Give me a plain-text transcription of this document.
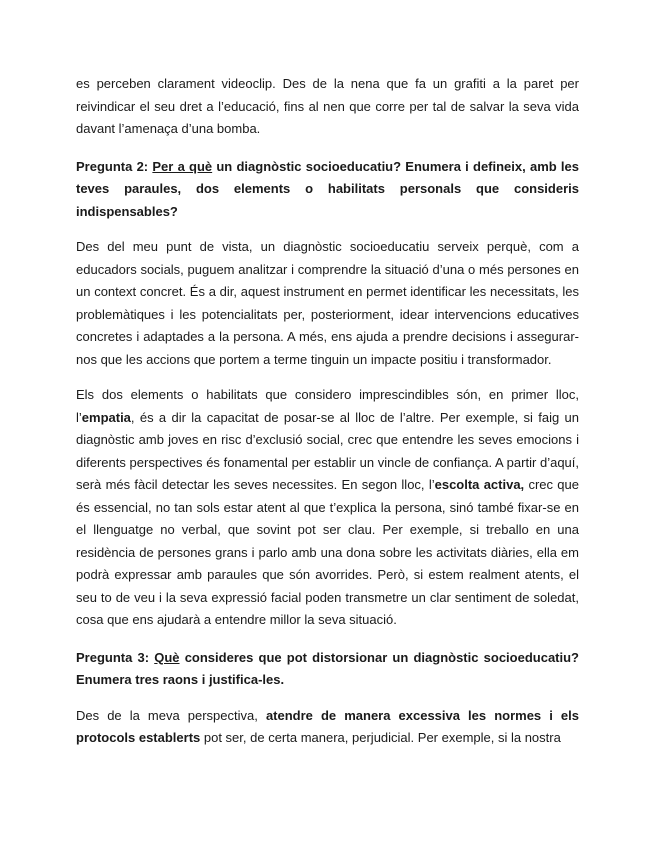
es perceben clarament videoclip. Des de la nena que fa un grafiti a la paret per reivindicar el seu dret a l’educació, fins al nen que corre per tal de salvar la seva vida davant l’amenaça d’una bomba.

Pregunta 2: Per a què un diagnòstic socioeducatiu? Enumera i defineix, amb les teves paraules, dos elements o habilitats personals que consideris indispensables?

Des del meu punt de vista, un diagnòstic socioeducatiu serveix perquè, com a educadors socials, puguem analitzar i comprendre la situació d’una o més persones en un context concret. És a dir, aquest instrument en permet identificar les necessitats, les problemàtiques i les potencialitats per, posteriorment, idear intervencions educatives concretes i adaptades a la persona. A més, ens ajuda a prendre decisions i assegurar-nos que les accions que portem a terme tinguin un impacte positiu i transformador.

Els dos elements o habilitats que considero imprescindibles són, en primer lloc, l’empatia, és a dir la capacitat de posar-se al lloc de l’altre. Per exemple, si faig un diagnòstic amb joves en risc d’exclusió social, crec que entendre les seves emocions i diferents perspectives és fonamental per establir un vincle de confiança. A partir d’aquí, serà més fàcil detectar les seves necessites. En segon lloc, l’escolta activa, crec que és essencial, no tan sols estar atent al que t’explica la persona, sinó també fixar-se en el llenguatge no verbal, que sovint pot ser clau. Per exemple, si treballo en una residència de persones grans i parlo amb una dona sobre les activitats diàries, ella em podrà expressar amb paraules que són avorrides. Però, si estem realment atents, el seu to de veu i la seva expressió facial poden transmetre un clar sentiment de soledat, cosa que ens ajudarà a entendre millor la seva situació.

Pregunta 3: Què consideres que pot distorsionar un diagnòstic socioeducatiu? Enumera tres raons i justifica-les.

Des de la meva perspectiva, atendre de manera excessiva les normes i els protocols establerts pot ser, de certa manera, perjudicial. Per exemple, si la nostra
